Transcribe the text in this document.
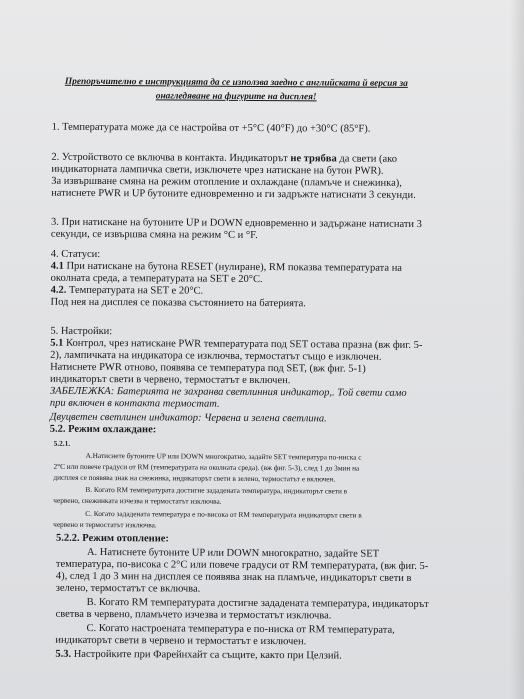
Препоръчително е инструкцията да се използва заедно с английската й версия за
онагледяване на фигурите на дисплея!
1. Температурата може да се настройва от +5°C (40°F) до +30°C (85°F).
2. Устройството се включва в контакта. Индикаторът не трябва да свети (ако
индикаторната лампичка свети, изключете чрез натискане на бутон PWR).
За извършване смяна на режим отопление и охлаждане (пламъче и снежинка),
натиснете PWR и UP бутоните едновременно и ги задръжте натиснати 3 секунди.
3. При натискане на бутоните UP и DOWN едновременно и задържане натиснати 3
секунди, се извършва смяна на режим °C и °F.
4. Статуси:
4.1 При натискане на бутона RESET (нулиране), RM показва температурата на
околната среда, а температурата на SET е 20°C.
4.2. Температурата на SET е 20°C.
Под нея на дисплея се показва състоянието на батерията.
5. Настройки:
5.1 Контрол, чрез натискане PWR температурата под SET остава празна (вж фиг. 5-
2), лампичката на индикатора се изключва, термостатът също е изключен.
Натиснете PWR отново, появява се температура под SET, (вж фиг. 5-1)
индикаторът свети в червено, термостатът е включен.
ЗАБЕЛЕЖКА: Батерията не захранва светлинния индикатор,. Той свети само
при включен в контакта термостат.
Двуцветен светлинен индикатор: Червена и зелена светлина.
5.2. Режим охлаждане:
5.2.1.
A.Натиснете бутоните UP или DOWN многократно, задайте SET температура по-ниска с
2°C или повече градуси от RM (температурата на околната среда). (вж фиг. 5-3), след 1 до 3мин на
дисплея се появява знак на снежинка, индикаторът свети в зелено, термостатът е включен.
B. Когато RM температурата достигне зададената температура, индикаторът свети в
червено, снежинката изчезва и термостатът изключва.
C. Когато зададената температура е по-висока от RM температурата индикаторът свети в
червено и термостатът изключва.
5.2.2. Режим отопление:
A. Натиснете бутоните UP или DOWN многократно, задайте SET
температура, по-висока с 2°C или повече градуси от RM температурата, (вж фиг. 5-
4), след 1 до 3 мин на дисплея се появява знак на пламъче, индикаторът свети в
зелено, термостатът се включва.
B. Когато RM температурата достигне зададената температура, индикаторът
светва в червено, пламъчето изчезва и термостатът изключва.
C. Когато настроената температура е по-ниска от RM температурата,
индикаторът свети в червено и термостатът е изключен.
5.3. Настройките при Фарейнхайт са същите, както при Целзий.
